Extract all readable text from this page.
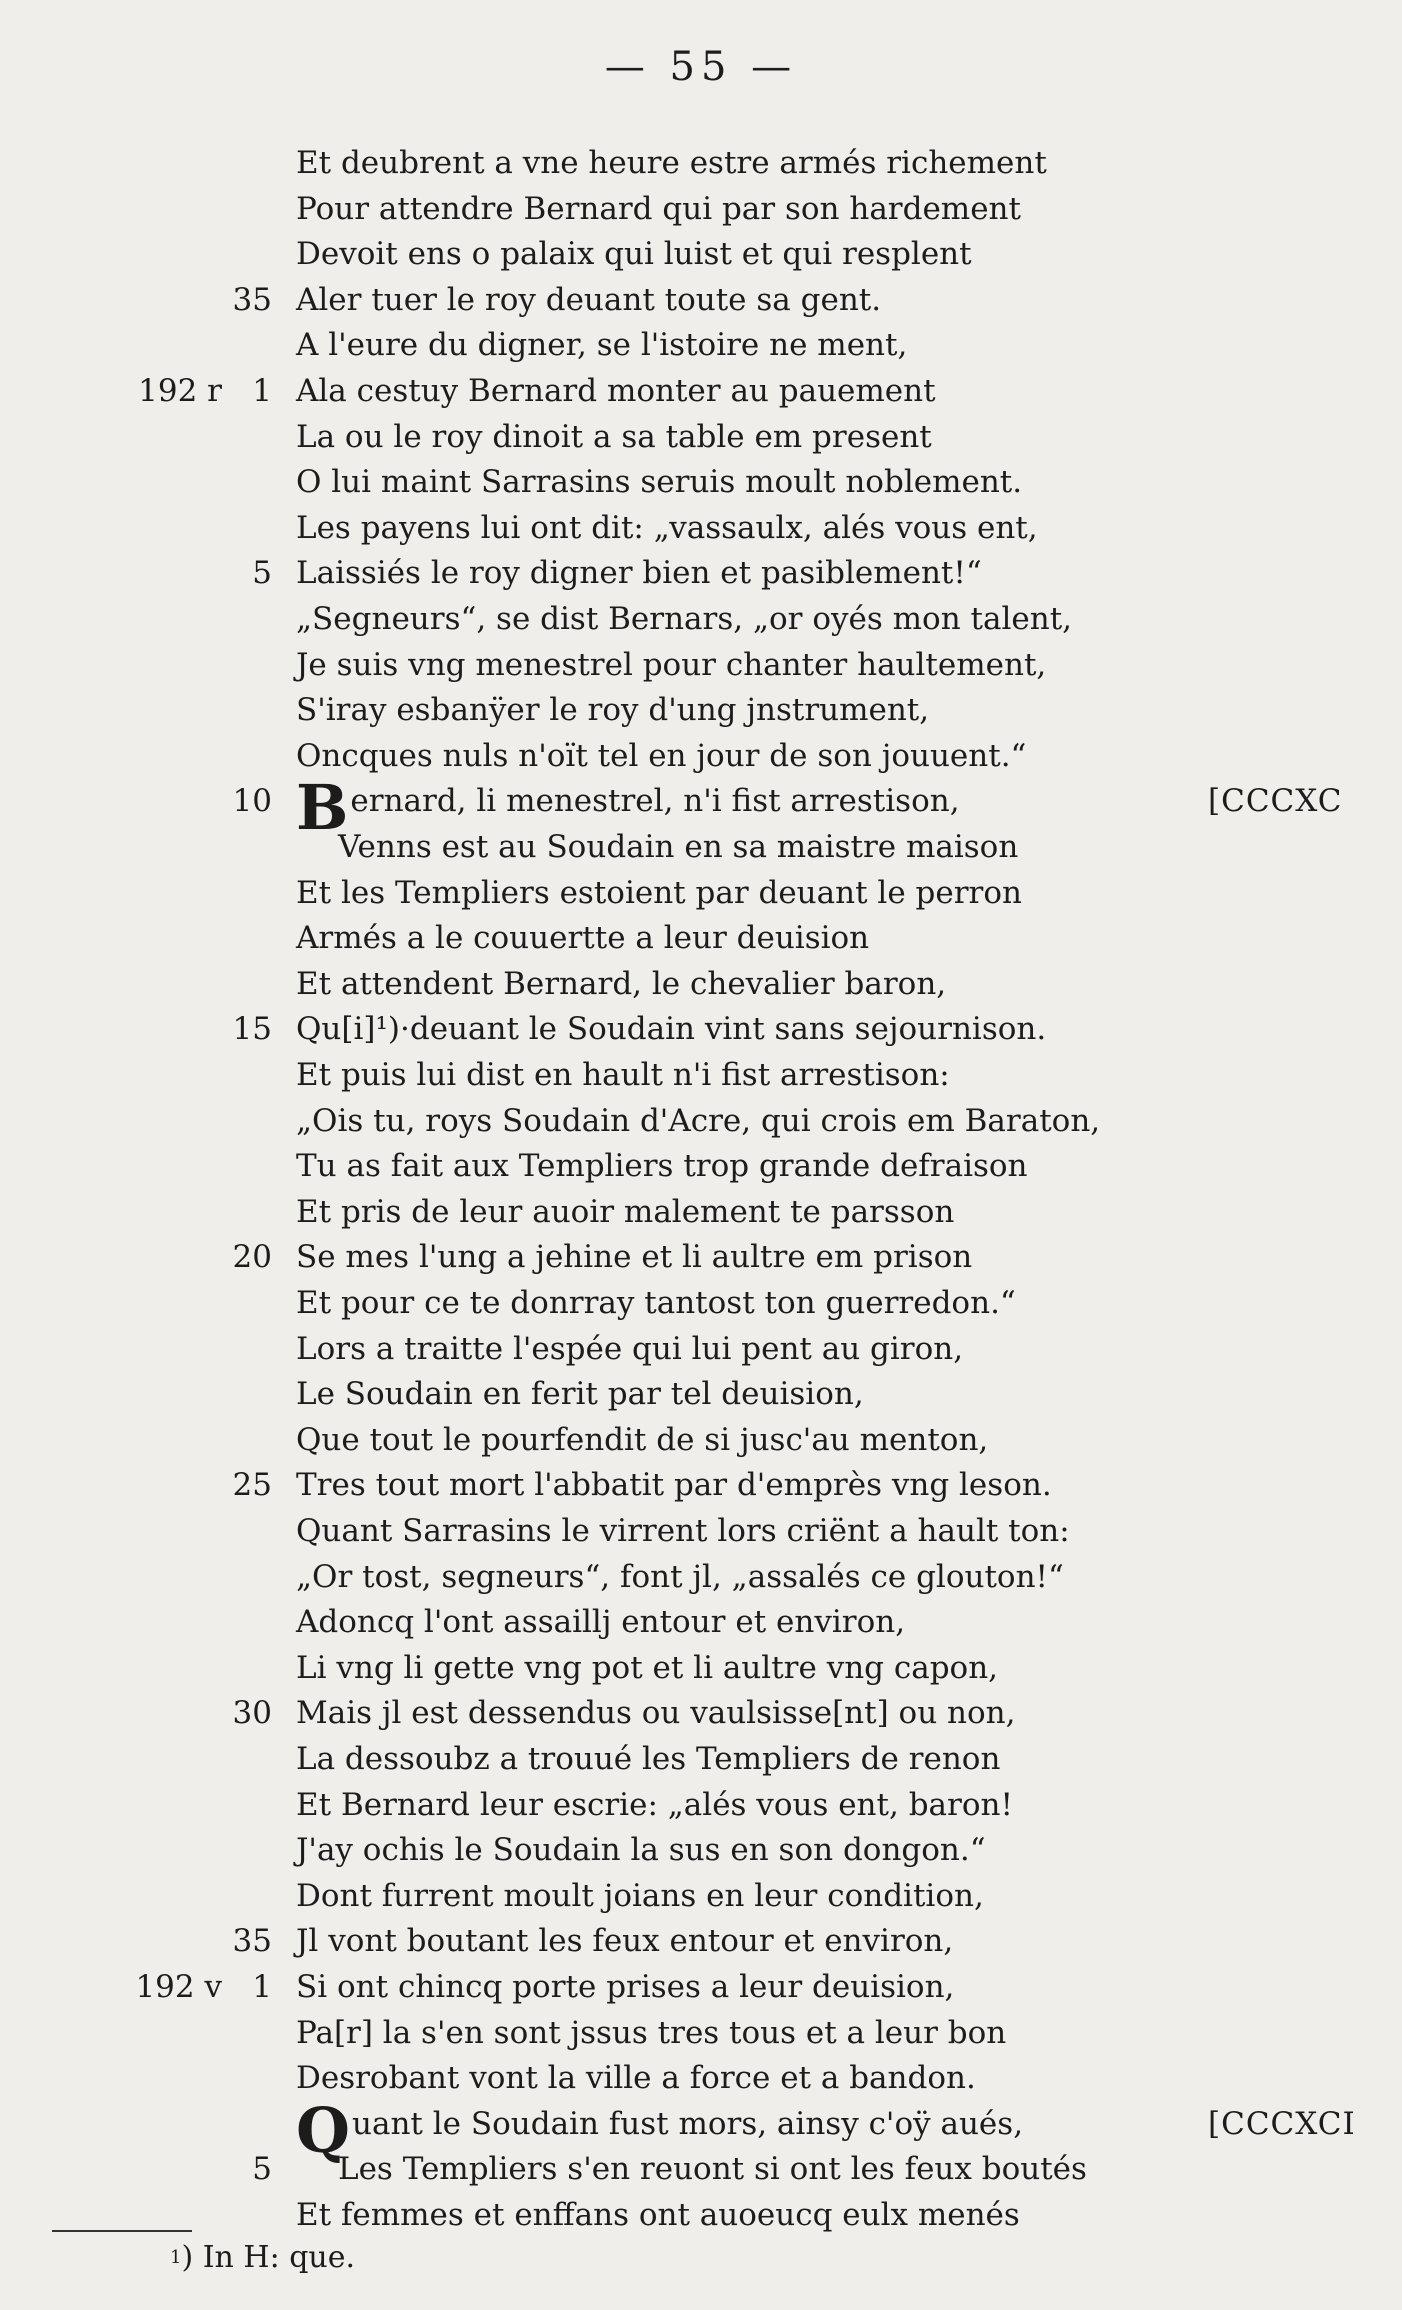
— 55 —
Et deubrent a vne heure estre armés richement
Pour attendre Bernard qui par son hardement
Devoit ens o palaix qui luist et qui resplent
35 Aler tuer le roy deuant toute sa gent.
A l'eure du digner, se l'istoire ne ment,
192 r 1 Ala cestuy Bernard monter au pauement
La ou le roy dinoit a sa table em present
O lui maint Sarrasins seruis moult noblement.
Les payens lui ont dit: „vassaulx, alés vous ent,
5 Laissiés le roy digner bien et pasiblement!“
„Segneurs“, se dist Bernars, „or oyés mon talent,
Je suis vng menestrel pour chanter haultement,
S'iray esbanÿer le roy d'ung jnstrument,
Oncques nuls n'oït tel en jour de son jouuent.“
10 Bernard, li menestrel, n'i fist arrestison,	[CCCXC
Venns est au Soudain en sa maistre maison
Et les Templiers estoient par deuant le perron
Armés a le couuertte a leur deuision
Et attendent Bernard, le chevalier baron,
15 Qu[i]¹)·deuant le Soudain vint sans sejournison.
Et puis lui dist en hault n'i fist arrestison:
„Ois tu, roys Soudain d'Acre, qui crois em Baraton,
Tu as fait aux Templiers trop grande defraison
Et pris de leur auoir malement te parsson
20 Se mes l'ung a jehine et li aultre em prison
Et pour ce te donrray tantost ton guerredon.“
Lors a traitte l'espée qui lui pent au giron,
Le Soudain en ferit par tel deuision,
Que tout le pourfendit de si jusc'au menton,
25 Tres tout mort l'abbatit par d'emprès vng leson.
Quant Sarrasins le virrent lors criënt a hault ton:
„Or tost, segneurs“, font jl, „assalés ce glouton!“
Adoncq l'ont assaillj entour et environ,
Li vng li gette vng pot et li aultre vng capon,
30 Mais jl est dessendus ou vaulsisse[nt] ou non,
La dessoubz a trouué les Templiers de renon
Et Bernard leur escrie: „alés vous ent, baron!
J'ay ochis le Soudain la sus en son dongon.“
Dont furrent moult joians en leur condition,
35 Jl vont boutant les feux entour et environ,
192 v 1 Si ont chincq porte prises a leur deuision,
Pa[r] la s'en sont jssus tres tous et a leur bon
Desrobant vont la ville a force et a bandon.
Quant le Soudain fust mors, ainsy c'oÿ aués,	[CCCXCI
5 Les Templiers s'en reuont si ont les feux boutés
Et femmes et enffans ont auoeucq eulx menés
$^1$) In H: que.
